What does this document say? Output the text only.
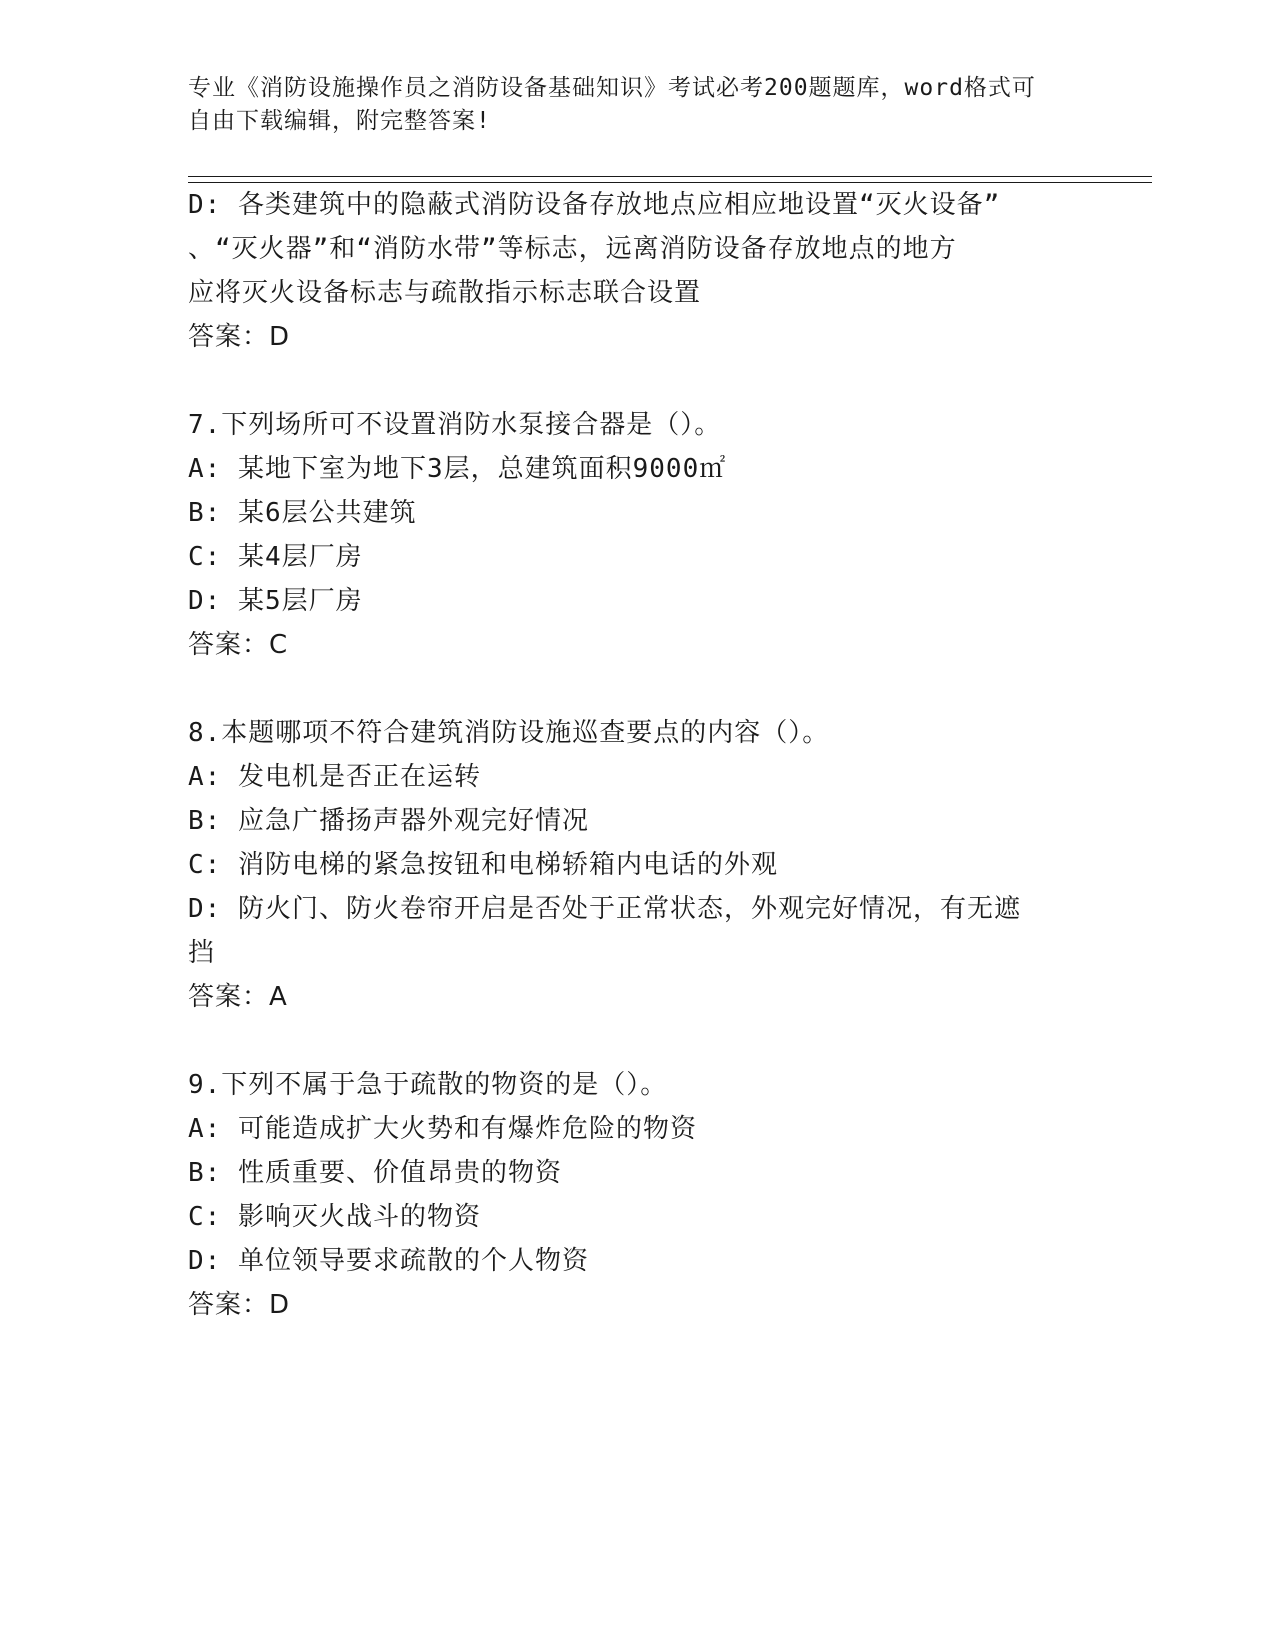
专业《消防设施操作员之消防设备基础知识》考试必考200题题库，word格式可

自由下载编辑，附完整答案!

D: 各类建筑中的隐蔽式消防设备存放地点应相应地设置“灭火设备”
、“灭火器”和“消防水带”等标志，远离消防设备存放地点的地方
应将灭火设备标志与疏散指示标志联合设置
答案：D
7.下列场所可不设置消防水泵接合器是（）。
A: 某地下室为地下3层，总建筑面积9000㎡
B: 某6层公共建筑
C: 某4层厂房
D: 某5层厂房
答案：C
8.本题哪项不符合建筑消防设施巡查要点的内容（）。
A: 发电机是否正在运转
B: 应急广播扬声器外观完好情况
C: 消防电梯的紧急按钮和电梯轿箱内电话的外观
D: 防火门、防火卷帘开启是否处于正常状态，外观完好情况，有无遮
挡
答案：A
9.下列不属于急于疏散的物资的是（）。
A: 可能造成扩大火势和有爆炸危险的物资
B: 性质重要、价值昂贵的物资
C: 影响灭火战斗的物资
D: 单位领导要求疏散的个人物资
答案：D
